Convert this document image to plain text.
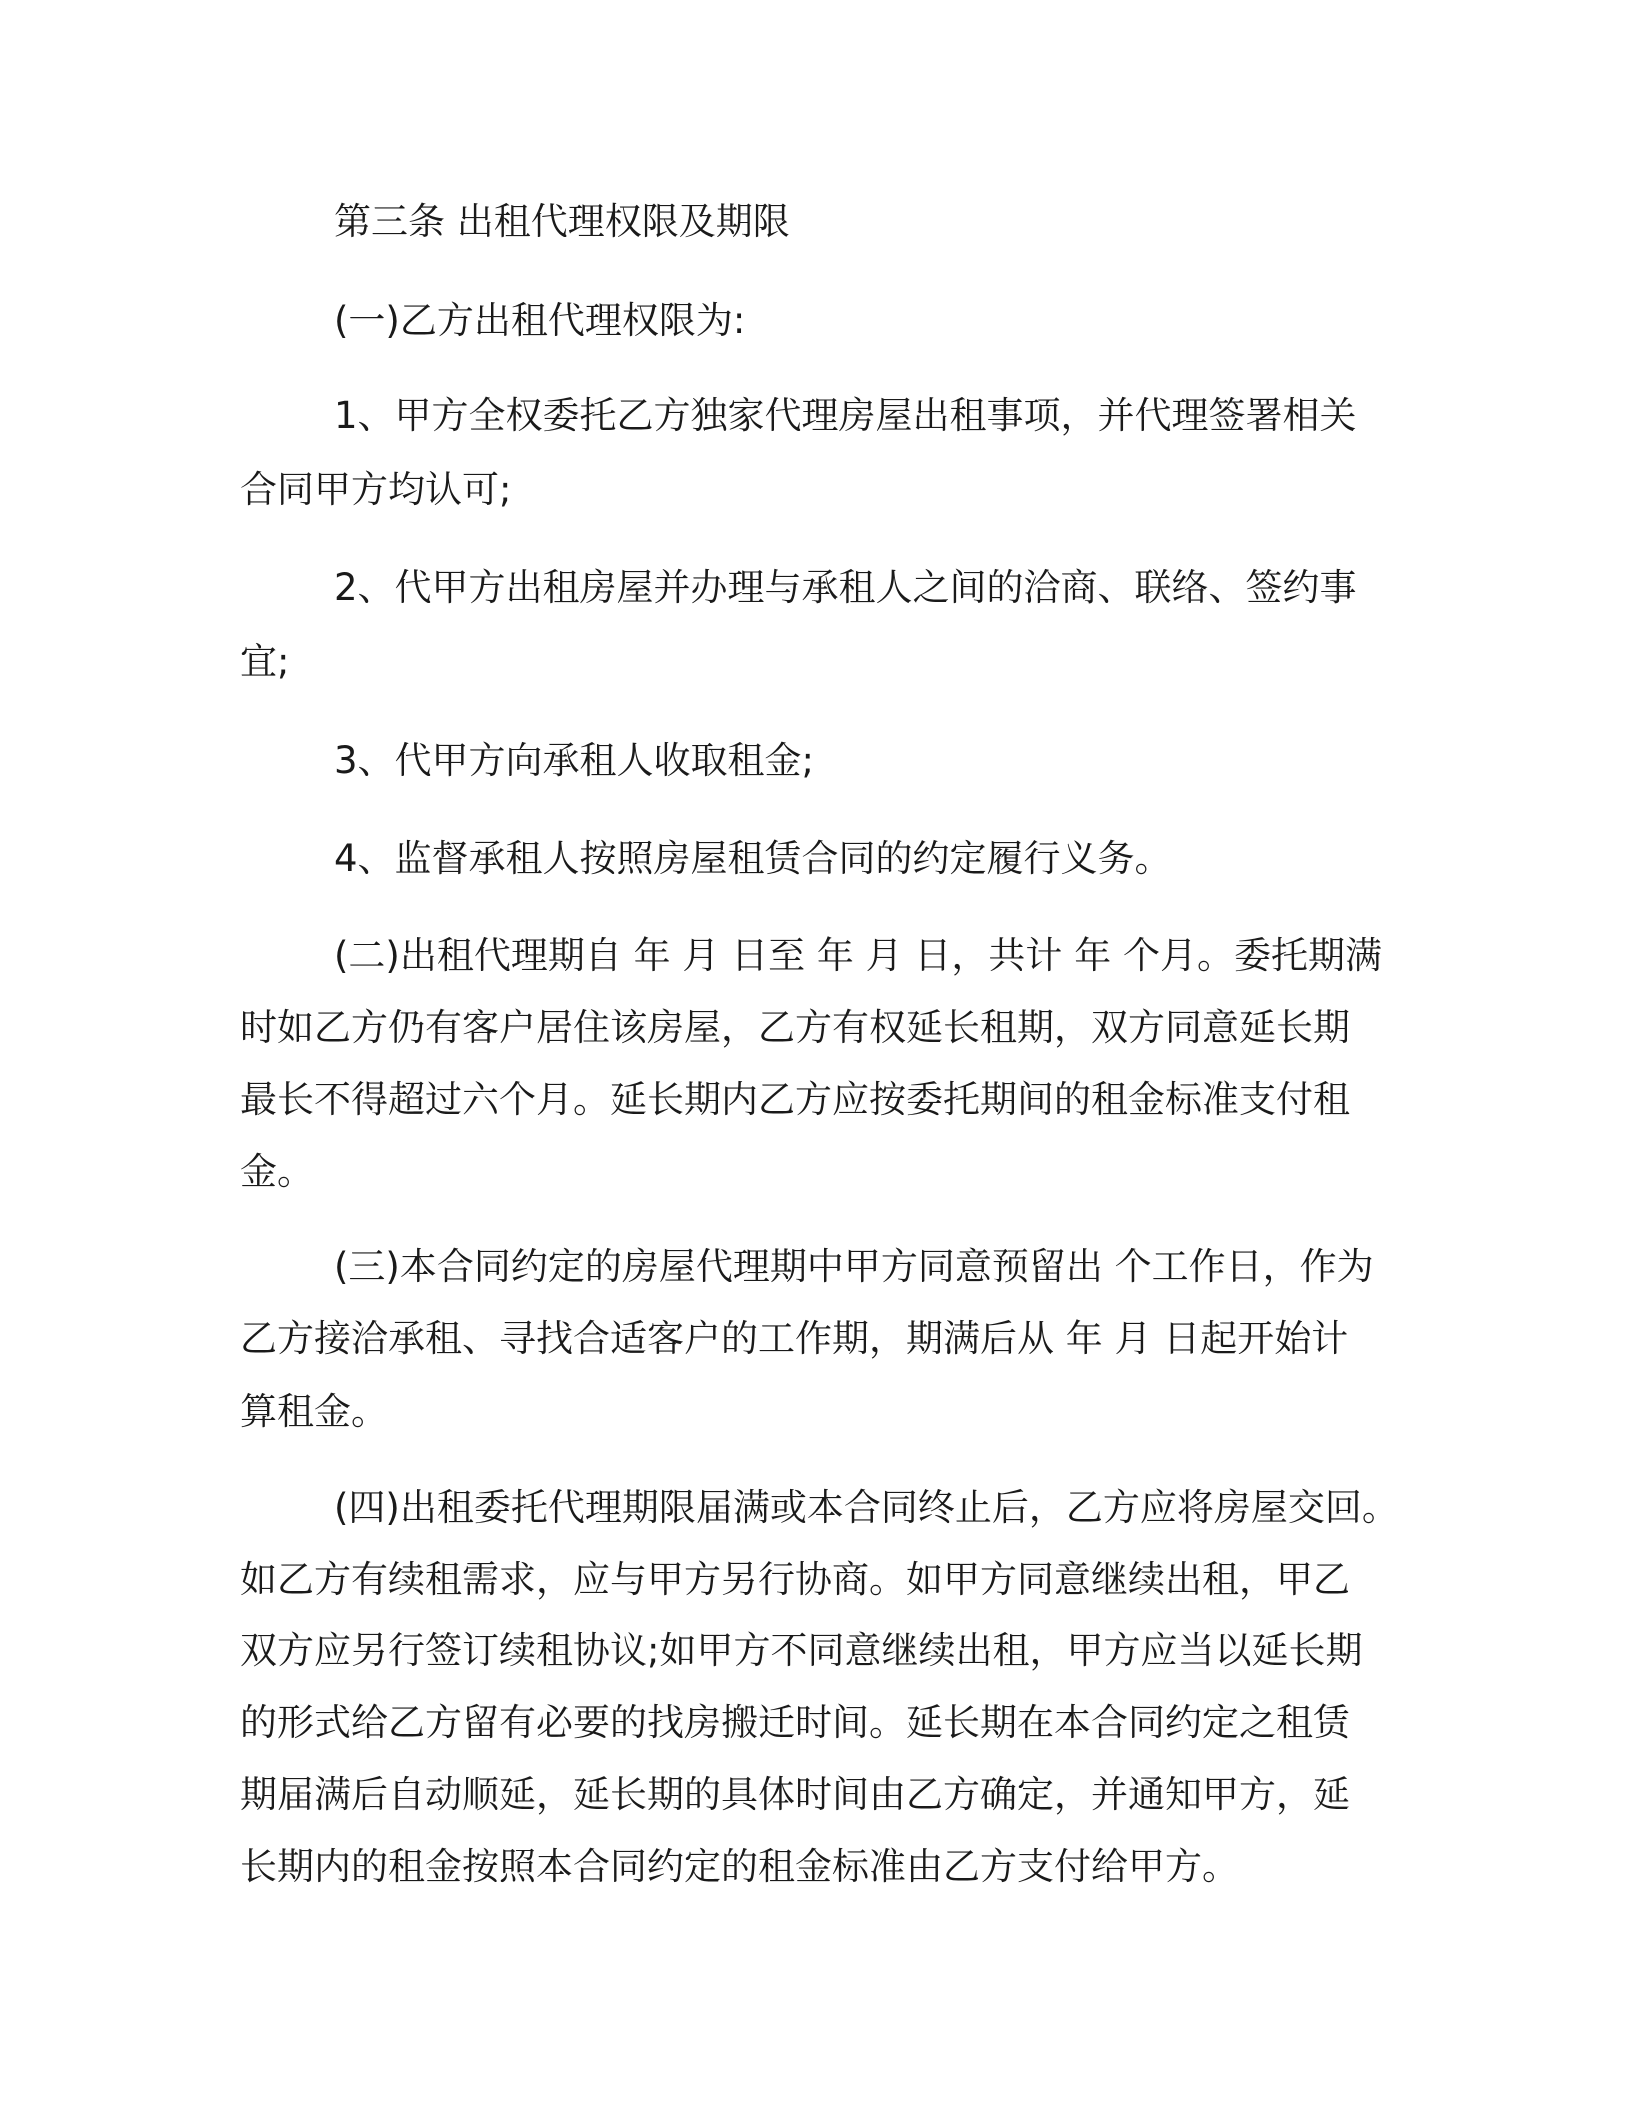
第三条 出租代理权限及期限
(一)乙方出租代理权限为:
1、甲方全权委托乙方独家代理房屋出租事项，并代理签署相关
合同甲方均认可;
2、代甲方出租房屋并办理与承租人之间的洽商、联络、签约事
宜;
3、代甲方向承租人收取租金;
4、监督承租人按照房屋租赁合同的约定履行义务。
(二)出租代理期自 年 月 日至 年 月 日，共计 年 个月。委托期满
时如乙方仍有客户居住该房屋，乙方有权延长租期，双方同意延长期
最长不得超过六个月。延长期内乙方应按委托期间的租金标准支付租
金。
(三)本合同约定的房屋代理期中甲方同意预留出 个工作日，作为
乙方接洽承租、寻找合适客户的工作期，期满后从 年 月 日起开始计
算租金。
(四)出租委托代理期限届满或本合同终止后，乙方应将房屋交回。
如乙方有续租需求，应与甲方另行协商。如甲方同意继续出租，甲乙
双方应另行签订续租协议;如甲方不同意继续出租，甲方应当以延长期
的形式给乙方留有必要的找房搬迁时间。延长期在本合同约定之租赁
期届满后自动顺延，延长期的具体时间由乙方确定，并通知甲方，延
长期内的租金按照本合同约定的租金标准由乙方支付给甲方。
